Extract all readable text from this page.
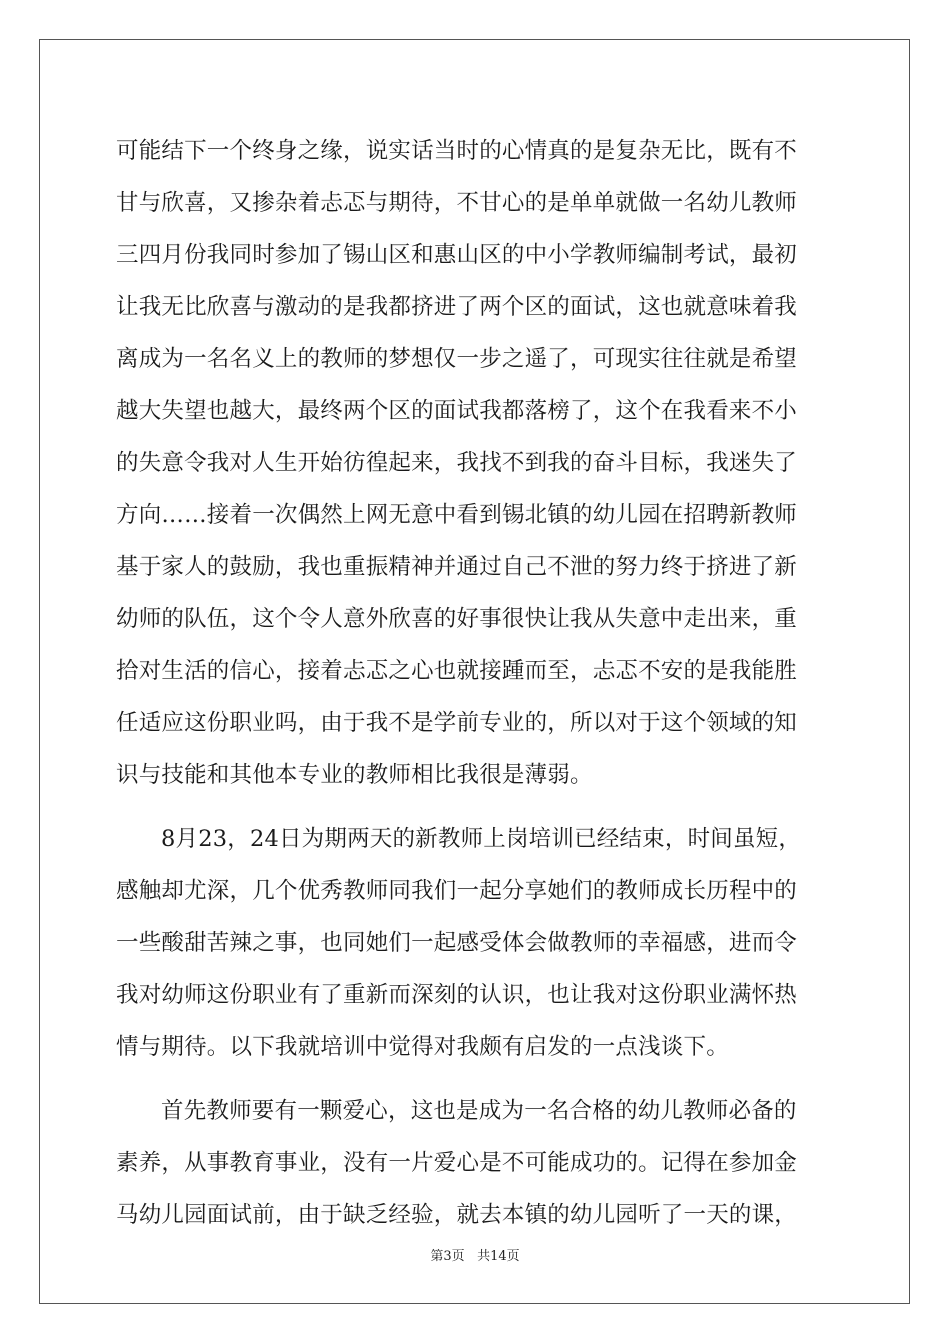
可能结下一个终身之缘，说实话当时的心情真的是复杂无比，既有不
甘与欣喜，又掺杂着忐忑与期待，不甘心的是单单就做一名幼儿教师
三四月份我同时参加了锡山区和惠山区的中小学教师编制考试，最初
让我无比欣喜与激动的是我都挤进了两个区的面试，这也就意味着我
离成为一名名义上的教师的梦想仅一步之遥了，可现实往往就是希望
越大失望也越大，最终两个区的面试我都落榜了，这个在我看来不小
的失意令我对人生开始彷徨起来，我找不到我的奋斗目标，我迷失了
方向……接着一次偶然上网无意中看到锡北镇的幼儿园在招聘新教师
基于家人的鼓励，我也重振精神并通过自己不泄的努力终于挤进了新
幼师的队伍，这个令人意外欣喜的好事很快让我从失意中走出来，重
拾对生活的信心，接着忐忑之心也就接踵而至，忐忑不安的是我能胜
任适应这份职业吗，由于我不是学前专业的，所以对于这个领域的知
识与技能和其他本专业的教师相比我很是薄弱。
8月23，24日为期两天的新教师上岗培训已经结束，时间虽短，
感触却尤深，几个优秀教师同我们一起分享她们的教师成长历程中的
一些酸甜苦辣之事，也同她们一起感受体会做教师的幸福感，进而令
我对幼师这份职业有了重新而深刻的认识，也让我对这份职业满怀热
情与期待。以下我就培训中觉得对我颇有启发的一点浅谈下。
首先教师要有一颗爱心，这也是成为一名合格的幼儿教师必备的
素养，从事教育事业，没有一片爱心是不可能成功的。记得在参加金
马幼儿园面试前，由于缺乏经验，就去本镇的幼儿园听了一天的课，
第3页 共14页
